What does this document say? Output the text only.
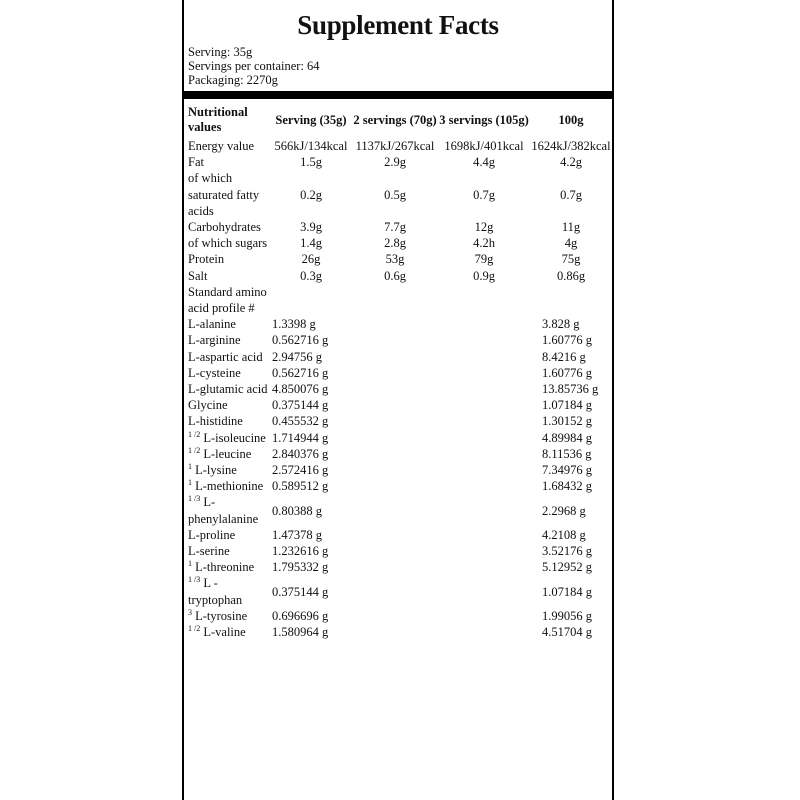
Supplement Facts
Serving: 35g
Servings per container: 64
Packaging: 2270g
Nutritional values	Serving (35g)	2 servings (70g)	3 servings (105g)	100g
Energy value	566kJ/134kcal	1137kJ/267kcal	1698kJ/401kcal	1624kJ/382kcal
Fat	1.5g	2.9g	4.4g	4.2g
of which saturated fatty acids	0.2g	0.5g	0.7g	0.7g
Carbohydrates	3.9g	7.7g	12g	11g
of which sugars	1.4g	2.8g	4.2h	4g
Protein	26g	53g	79g	75g
Salt	0.3g	0.6g	0.9g	0.86g
Standard amino acid profile #				
L-alanine	1.3398 g			3.828 g
L-arginine	0.562716 g			1.60776 g
L-aspartic acid	2.94756 g			8.4216 g
L-cysteine	0.562716 g			1.60776 g
L-glutamic acid	4.850076 g			13.85736 g
Glycine	0.375144 g			1.07184 g
L-histidine	0.455532 g			1.30152 g
$^{1 /2}$ L-isoleucine	1.714944 g			4.89984 g
$^{1 /2}$ L-leucine	2.840376 g			8.11536 g
$^1$ L-lysine	2.572416 g			7.34976 g
$^1$ L-methionine	0.589512 g			1.68432 g
$^{1 /3}$ L-phenylalanine	0.80388 g			2.2968 g
L-proline	1.47378 g			4.2108 g
L-serine	1.232616 g			3.52176 g
$^1$ L-threonine	1.795332 g			5.12952 g
$^{1 /3}$ L - tryptophan	0.375144 g			1.07184 g
$^3$ L-tyrosine	0.696696 g			1.99056 g
$^{1 /2}$ L-valine	1.580964 g			4.51704 g
